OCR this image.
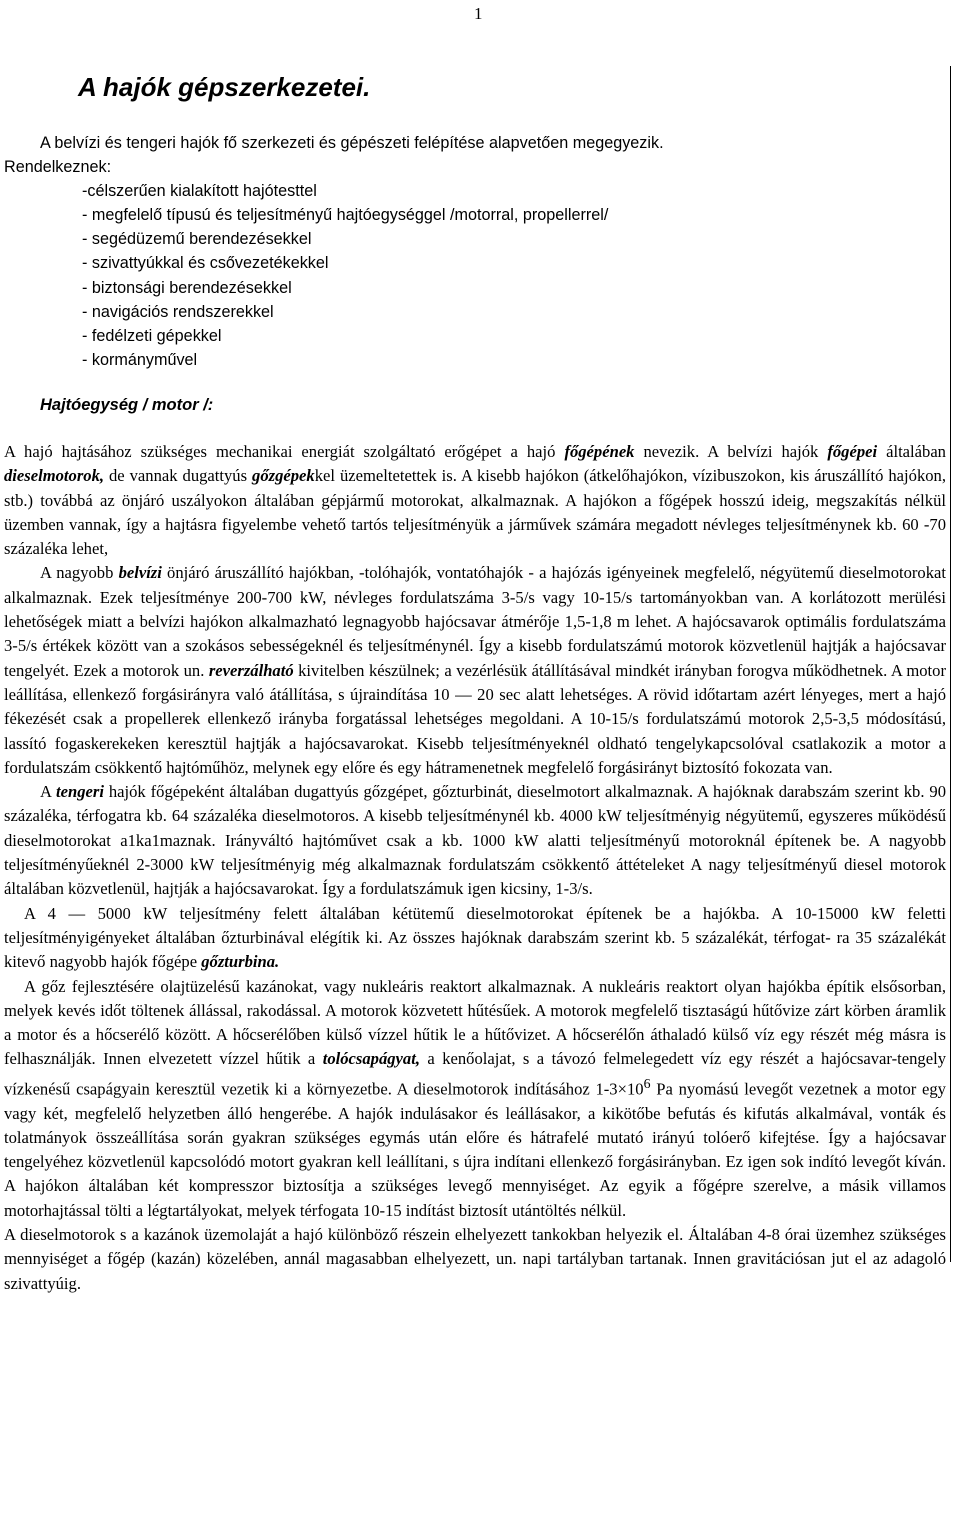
1
A hajók gépszerkezetei.
A belvízi és tengeri hajók fő szerkezeti és gépészeti felépítése alapvetően megegyezik.
Rendelkeznek:
-célszerűen kialakított hajótesttel
- megfelelő típusú és teljesítményű hajtóegységgel /motorral, propellerrel/
- segédüzemű berendezésekkel
- szivattyúkkal és csővezetékekkel
- biztonsági berendezésekkel
- navigációs rendszerekkel
- fedélzeti gépekkel
- kormányművel
Hajtóegység / motor /:

A hajó hajtásához szükséges mechanikai energiát szolgáltató erőgépet a hajó főgépének nevezik. A belvízi hajók főgépei általában dieselmotorok, de vannak dugattyús gőzgépekkel üzemeltetettek is. A kisebb hajókon (átkelőhajókon, vízibuszokon, kis áruszállító hajókon, stb.) továbbá az önjáró uszályokon általában gépjármű motorokat, alkalmaznak. A hajókon a főgépek hosszú ideig, megszakítás nélkül üzemben vannak, így a hajtásra figyelembe vehető tartós teljesítményük a járművek számára megadott névleges teljesítménynek kb. 60 -70 százaléka lehet,

A nagyobb belvízi önjáró áruszállító hajókban, -tolóhajók, vontatóhajók - a hajózás igényeinek megfelelő, négyütemű dieselmotorokat alkalmaznak. Ezek teljesítménye 200-700 kW, névleges fordulatszáma 3-5/s vagy 10-15/s tartományokban van. A korlátozott merülési lehetőségek miatt a belvízi hajókon alkalmazható legnagyobb hajócsavar átmérője 1,5-1,8 m lehet. A hajócsavarok optimális fordulatszáma 3-5/s értékek között van a szokásos sebességeknél és teljesítménynél. Így a kisebb fordulatszámú motorok közvetlenül hajtják a hajócsavar tengelyét. Ezek a motorok un. reverzálható kivitelben készülnek; a vezérlésük átállításával mindkét irányban forogva működhetnek. A motor leállítása, ellenkező forgásirányra való átállítása, s újraindítása 10 — 20 sec alatt lehetséges. A rövid időtartam azért lényeges, mert a hajó fékezését csak a propellerek ellenkező irányba forgatással lehetséges megoldani. A 10-15/s fordulatszámú motorok 2,5-3,5 módosítású, lassító fogaskerekeken keresztül hajtják a hajócsavarokat. Kisebb teljesítményeknél oldható tengelykapcsolóval csatlakozik a motor a fordulatszám csökkentő hajtóműhöz, melynek egy előre és egy hátramenetnek megfelelő forgásirányt biztosító fokozata van.

A tengeri hajók főgépeként általában dugattyús gőzgépet, gőzturbinát, dieselmotort alkalmaznak. A hajóknak darabszám szerint kb. 90 százaléka, térfogatra kb. 64 százaléka dieselmotoros. A kisebb teljesítménynél kb. 4000 kW teljesítményig négyütemű, egyszeres működésű dieselmotorokat a1ka1maznak. Irányváltó hajtóművet csak a kb. 1000 kW alatti teljesítményű motoroknál építenek be. A nagyobb teljesítményűeknél 2-3000 kW teljesítményig még alkalmaznak fordulatszám csökkentő áttételeket A nagy teljesítményű diesel motorok általában közvetlenül, hajtják a hajócsavarokat. Így a fordulatszámuk igen kicsiny, 1-3/s.

A 4 — 5000 kW teljesítmény felett általában kétütemű dieselmotorokat építenek be a hajókba. A 10-15000 kW feletti teljesítményigényeket általában őzturbinával elégítik ki. Az összes hajóknak darabszám szerint kb. 5 százalékát, térfogat- ra 35 százalékát kitevő nagyobb hajók főgépe gőzturbina.

A gőz fejlesztésére olajtüzelésű kazánokat, vagy nukleáris reaktort alkalmaznak. A nukleáris reaktort olyan hajókba építik elsősorban, melyek kevés időt töltenek állással, rakodással. A motorok közvetett hűtésűek. A motorok megfelelő tisztaságú hűtővize zárt körben áramlik a motor és a hőcserélő között. A hőcserélőben külső vízzel hűtik le a hűtővizet. A hőcserélőn áthaladó külső víz egy részét még másra is felhasználják. Innen elvezetett vízzel hűtik a tolócsapágyat, a kenőolajat, s a távozó felmelegedett víz egy részét a hajócsavar-tengely vízkenésű csapágyain keresztül vezetik ki a környezetbe. A dieselmotorok indításához $1-3\times 10^6$ Pa nyomású levegőt vezetnek a motor egy vagy két, megfelelő helyzetben álló hengerébe. A hajók indulásakor és leállásakor, a kikötőbe befutás és kifutás alkalmával, vonták és tolatmányok összeállítása során gyakran szükséges egymás után előre és hátrafelé mutató irányú tolóerő kifejtése. Így a hajócsavar tengelyéhez közvetlenül kapcsolódó motort gyakran kell leállítani, s újra indítani ellenkező forgásirányban. Ez igen sok indító levegőt kíván. A hajókon általában két kompresszor biztosítja a szükséges levegő mennyiséget. Az egyik a főgépre szerelve, a másik villamos motorhajtással tölti a légtartályokat, melyek térfogata 10-15 indítást biztosít utántöltés nélkül.

A dieselmotorok s a kazánok üzemolaját a hajó különböző részein elhelyezett tankokban helyezik el. Általában 4-8 órai üzemhez szükséges mennyiséget a főgép (kazán) közelében, annál magasabban elhelyezett, un. napi tartályban tartanak. Innen gravitációsan jut el az adagoló szivattyúig.
